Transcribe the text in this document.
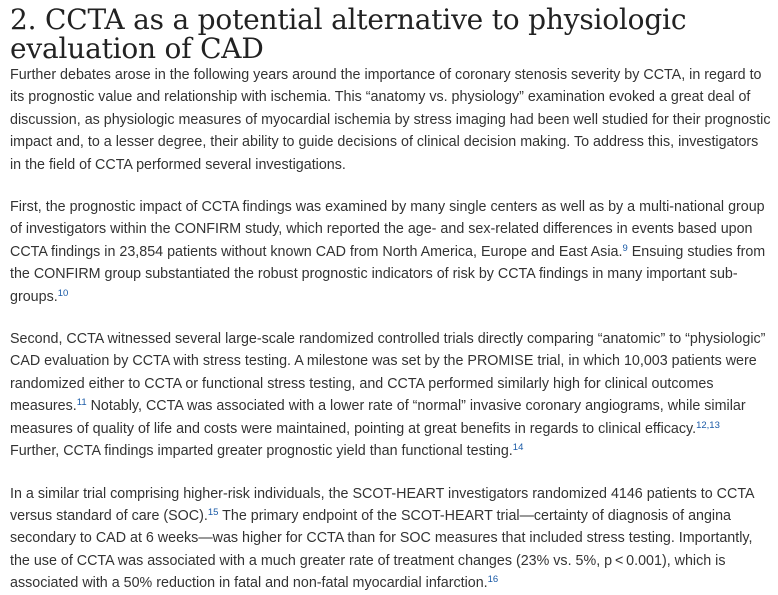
2. CCTA as a potential alternative to physiologic
evaluation of CAD

Further debates arose in the following years around the importance of coronary stenosis severity by CCTA, in regard to its prognostic value and relationship with ischemia. This “anatomy vs. physiology” examination evoked a great deal of discussion, as physiologic measures of myocardial ischemia by stress imaging had been well studied for their prognostic impact and, to a lesser degree, their ability to guide decisions of clinical decision making. To address this, investigators in the field of CCTA performed several investigations.

First, the prognostic impact of CCTA findings was examined by many single centers as well as by a multi-national group of investigators within the CONFIRM study, which reported the age- and sex-related differences in events based upon CCTA findings in 23,854 patients without known CAD from North America, Europe and East Asia.$^9$ Ensuing studies from the CONFIRM group substantiated the robust prognostic indicators of risk by CCTA findings in many important sub-groups.$^{10}$

Second, CCTA witnessed several large-scale randomized controlled trials directly comparing “anatomic” to “physiologic” CAD evaluation by CCTA with stress testing. A milestone was set by the PROMISE trial, in which 10,003 patients were randomized either to CCTA or functional stress testing, and CCTA performed similarly high for clinical outcomes measures.$^{11}$ Notably, CCTA was associated with a lower rate of “normal” invasive coronary angiograms, while similar measures of quality of life and costs were maintained, pointing at great benefits in regards to clinical efficacy.$^{12,13}$ Further, CCTA findings imparted greater prognostic yield than functional testing.$^{14}$

In a similar trial comprising higher-risk individuals, the SCOT-HEART investigators randomized 4146 patients to CCTA versus standard of care (SOC).$^{15}$ The primary endpoint of the SCOT-HEART trial—certainty of diagnosis of angina secondary to CAD at 6 weeks—was higher for CCTA than for SOC measures that included stress testing. Importantly, the use of CCTA was associated with a much greater rate of treatment changes (23% vs. 5%, p < 0.001), which is associated with a 50% reduction in fatal and non-fatal myocardial infarction.$^{16}$
